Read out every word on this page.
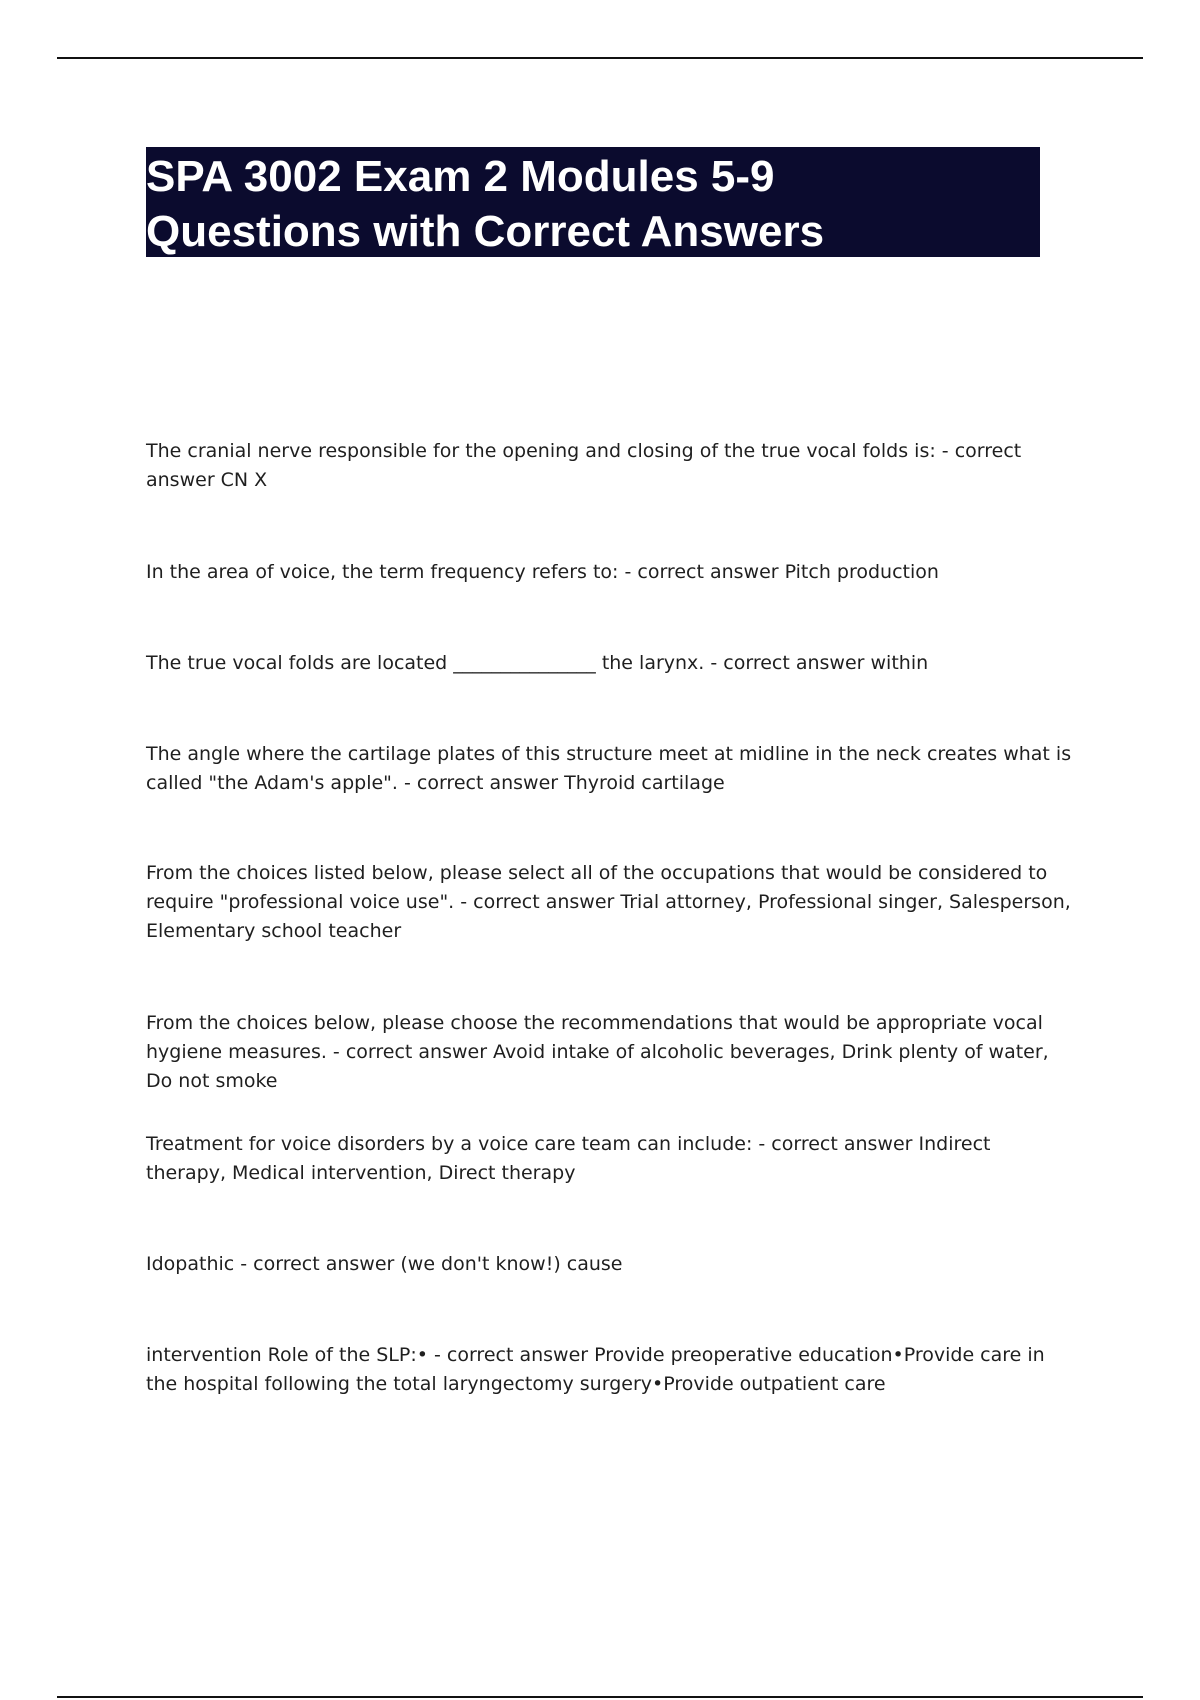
SPA 3002 Exam 2 Modules 5-9
Questions with Correct Answers

The cranial nerve responsible for the opening and closing of the true vocal folds is: - correct answer CN X

In the area of voice, the term frequency refers to: - correct answer Pitch production

The true vocal folds are located _______________ the larynx. - correct answer within

The angle where the cartilage plates of this structure meet at midline in the neck creates what is called "the Adam's apple". - correct answer Thyroid cartilage

From the choices listed below, please select all of the occupations that would be considered to require "professional voice use". - correct answer Trial attorney, Professional singer, Salesperson, Elementary school teacher

From the choices below, please choose the recommendations that would be appropriate vocal hygiene measures. - correct answer Avoid intake of alcoholic beverages, Drink plenty of water, Do not smoke

Treatment for voice disorders by a voice care team can include: - correct answer Indirect therapy, Medical intervention, Direct therapy

Idopathic - correct answer (we don't know!) cause

intervention Role of the SLP:• - correct answer Provide preoperative education•Provide care in the hospital following the total laryngectomy surgery•Provide outpatient care
